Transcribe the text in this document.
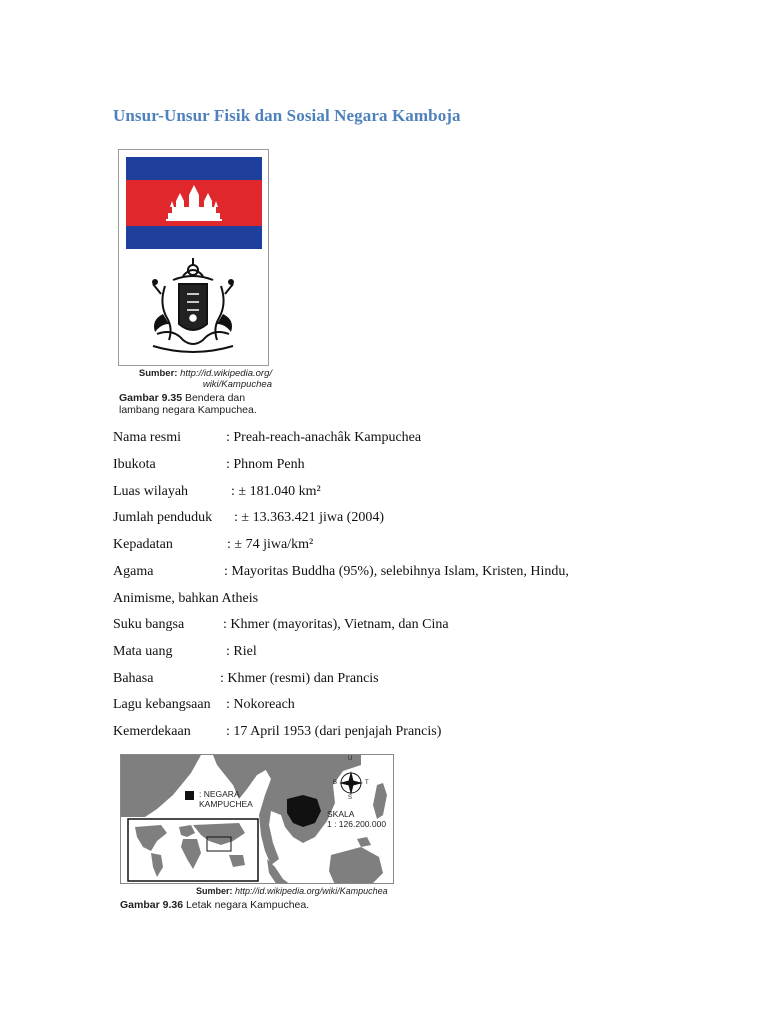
Unsur-Unsur Fisik dan Sosial Negara Kamboja
Sumber: http://id.wikipedia.org/
wiki/Kampuchea
Gambar 9.35 Bendera dan
lambang negara Kampuchea.
Nama resmi	: Preah-reach-anachâk Kampuchea
Ibukota	: Phnom Penh
Luas wilayah	: ± 181.040 km²
Jumlah penduduk : ± 13.363.421 jiwa (2004)
Kepadatan	: ± 74 jiwa/km²
Agama	: Mayoritas Buddha (95%), selebihnya Islam, Kristen, Hindu,
Animisme, bahkan Atheis
Suku bangsa	: Khmer (mayoritas), Vietnam, dan Cina
Mata uang	: Riel
Bahasa	: Khmer (resmi) dan Prancis
Lagu kebangsaan : Nokoreach
Kemerdekaan	: 17 April 1953 (dari penjajah Prancis)
: NEGARA
KAMPUCHEA
SKALA
1 : 126.200.000
U
S
B	T
Sumber: http://id.wikipedia.org/wiki/Kampuchea
Gambar 9.36 Letak negara Kampuchea.
